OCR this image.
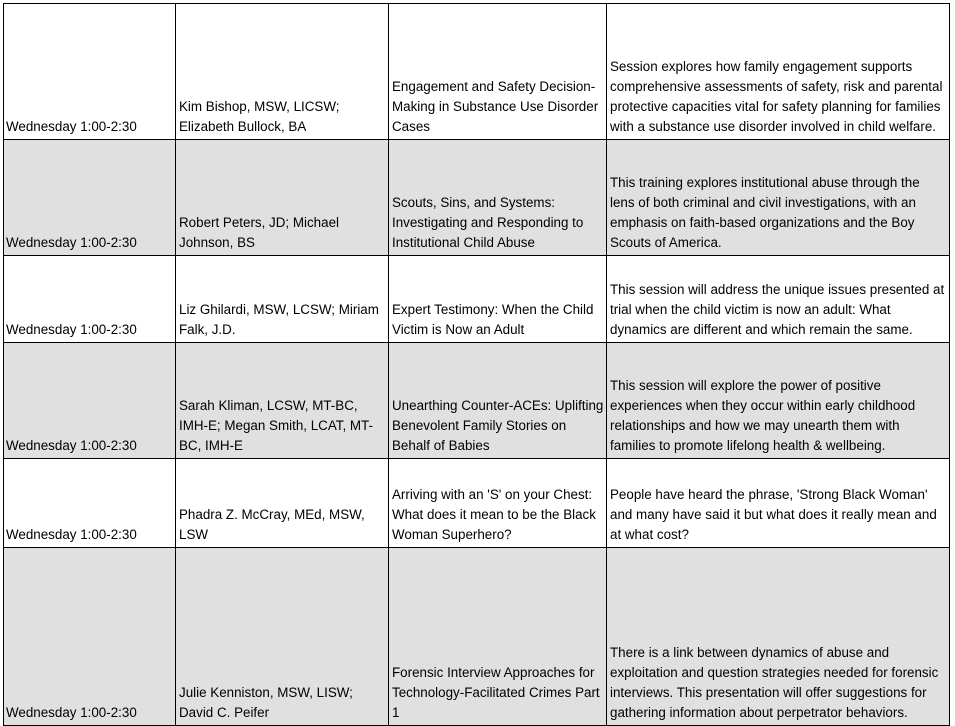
Wednesday 1:00-2:30	Kim Bishop, MSW, LICSW; Elizabeth Bullock, BA	Engagement and Safety Decision-Making in Substance Use Disorder Cases	Session explores how family engagement supports comprehensive assessments of safety, risk and parental protective capacities vital for safety planning for families with a substance use disorder involved in child welfare.
Wednesday 1:00-2:30	Robert Peters, JD; Michael Johnson, BS	Scouts, Sins, and Systems: Investigating and Responding to Institutional Child Abuse	This training explores institutional abuse through the lens of both criminal and civil investigations, with an emphasis on faith-based organizations and the Boy Scouts of America.
Wednesday 1:00-2:30	Liz Ghilardi, MSW, LCSW; Miriam Falk, J.D.	Expert Testimony: When the Child Victim is Now an Adult	This session will address the unique issues presented at trial when the child victim is now an adult: What dynamics are different and which remain the same.
Wednesday 1:00-2:30	Sarah Kliman, LCSW, MT-BC, IMH-E; Megan Smith, LCAT, MT-BC, IMH-E	Unearthing Counter-ACEs: Uplifting Benevolent Family Stories on Behalf of Babies	This session will explore the power of positive experiences when they occur within early childhood relationships and how we may unearth them with families to promote lifelong health & wellbeing.
Wednesday 1:00-2:30	Phadra Z. McCray, MEd, MSW, LSW	Arriving with an 'S' on your Chest: What does it mean to be the Black Woman Superhero?	People have heard the phrase, 'Strong Black Woman' and many have said it but what does it really mean and at what cost?
Wednesday 1:00-2:30	Julie Kenniston, MSW, LISW; David C. Peifer	Forensic Interview Approaches for Technology-Facilitated Crimes Part 1	There is a link between dynamics of abuse and exploitation and question strategies needed for forensic interviews. This presentation will offer suggestions for gathering information about perpetrator behaviors.
